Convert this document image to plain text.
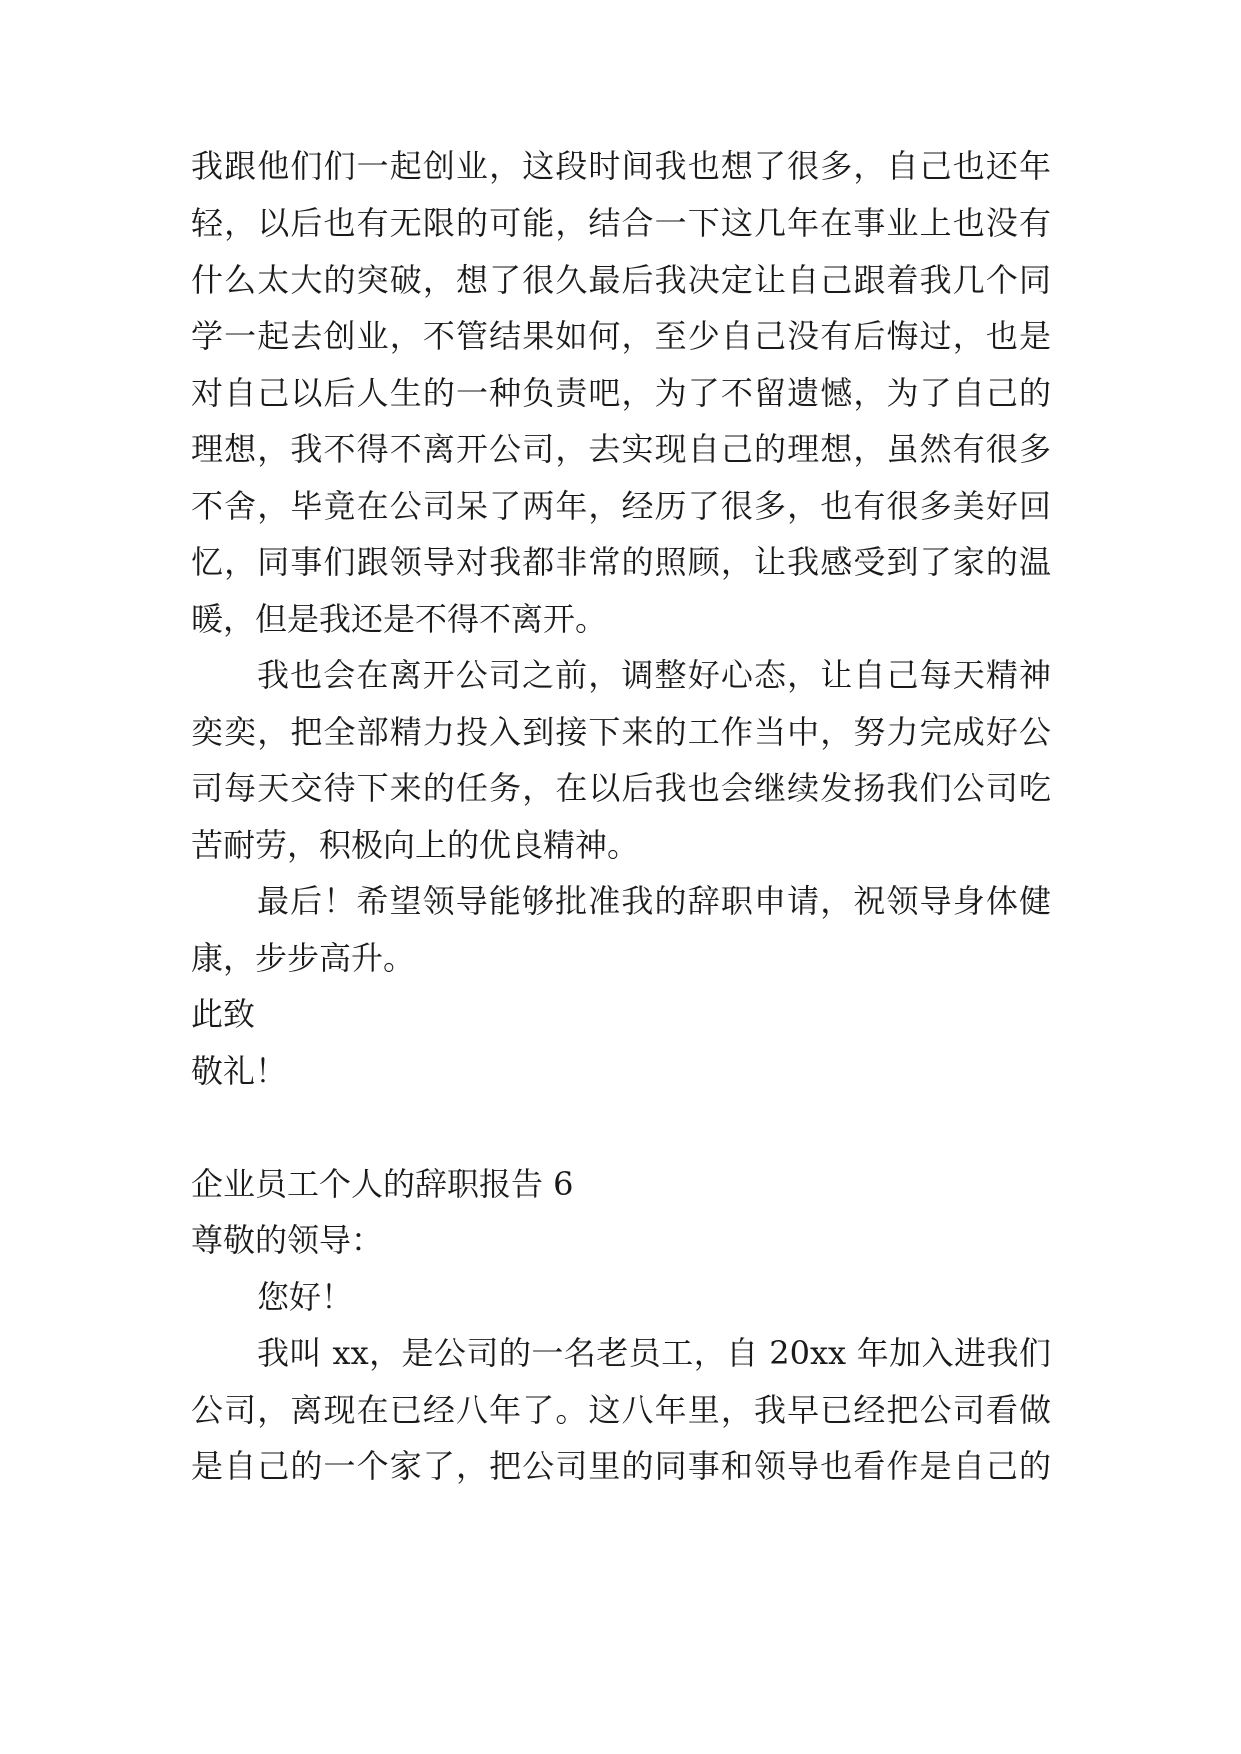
我跟他们们一起创业，这段时间我也想了很多，自己也还年
轻，以后也有无限的可能，结合一下这几年在事业上也没有
什么太大的突破，想了很久最后我决定让自己跟着我几个同
学一起去创业，不管结果如何，至少自己没有后悔过，也是
对自己以后人生的一种负责吧，为了不留遗憾，为了自己的
理想，我不得不离开公司，去实现自己的理想，虽然有很多
不舍，毕竟在公司呆了两年，经历了很多，也有很多美好回
忆，同事们跟领导对我都非常的照顾，让我感受到了家的温
暖，但是我还是不得不离开。
我也会在离开公司之前，调整好心态，让自己每天精神
奕奕，把全部精力投入到接下来的工作当中，努力完成好公
司每天交待下来的任务，在以后我也会继续发扬我们公司吃
苦耐劳，积极向上的优良精神。
最后！希望领导能够批准我的辞职申请，祝领导身体健
康，步步高升。
此致
敬礼！
企业员工个人的辞职报告 6
尊敬的领导：
您好！
我叫 xx，是公司的一名老员工，自 20xx 年加入进我们
公司，离现在已经八年了。这八年里，我早已经把公司看做
是自己的一个家了，把公司里的同事和领导也看作是自己的
